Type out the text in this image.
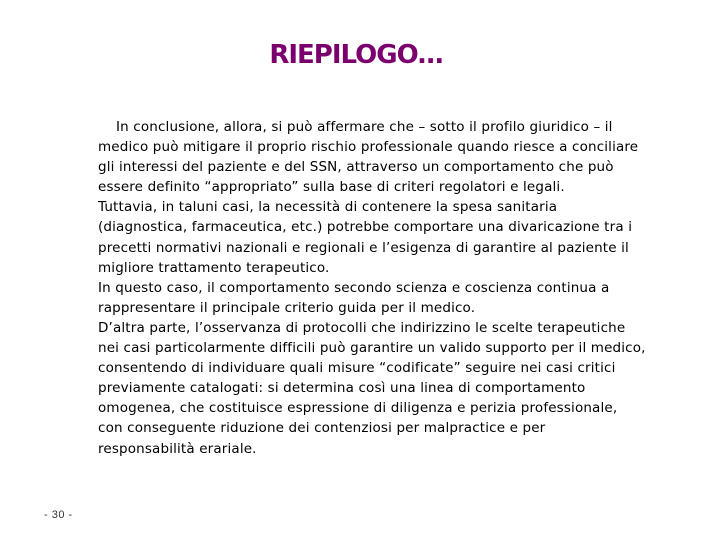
RIEPILOGO…

In conclusione, allora, si può affermare che – sotto il profilo giuridico – il medico può mitigare il proprio rischio professionale quando riesce a conciliare gli interessi del paziente e del SSN, attraverso un comportamento che può essere definito “appropriato” sulla base di criteri regolatori e legali.

Tuttavia, in taluni casi, la necessità di contenere la spesa sanitaria (diagnostica, farmaceutica, etc.) potrebbe comportare una divaricazione tra i precetti normativi nazionali e regionali e l’esigenza di garantire al paziente il migliore trattamento terapeutico.

In questo caso, il comportamento secondo scienza e coscienza continua a rappresentare il principale criterio guida per il medico.

D’altra parte, l’osservanza di protocolli che indirizzino le scelte terapeutiche nei casi particolarmente difficili può garantire un valido supporto per il medico, consentendo di individuare quali misure “codificate” seguire nei casi critici previamente catalogati: si determina così una linea di comportamento omogenea, che costituisce espressione di diligenza e perizia professionale, con conseguente riduzione dei contenziosi per malpractice e per responsabilità erariale.

- 30 -
